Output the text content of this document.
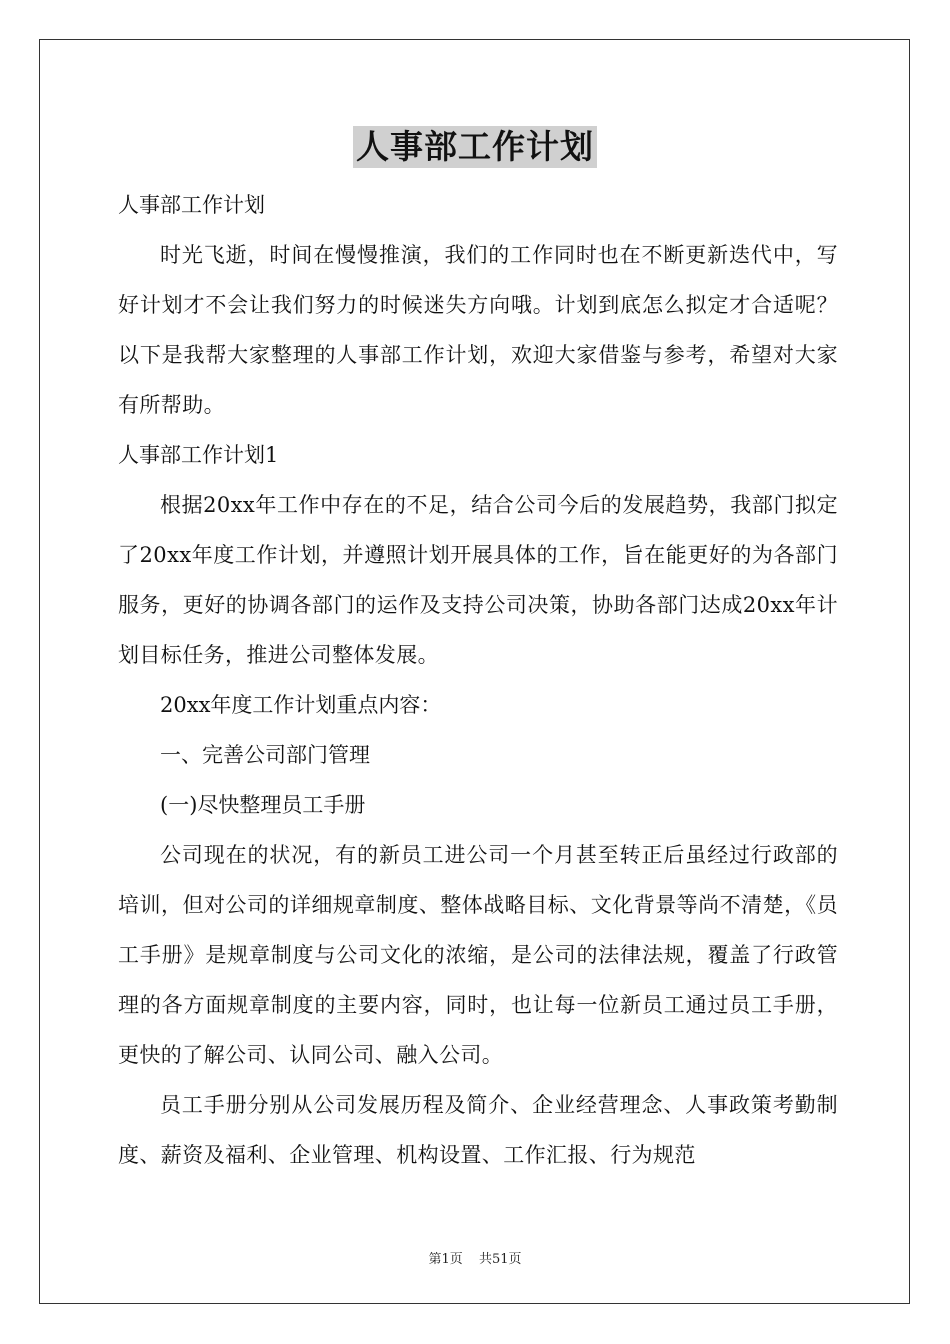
人事部工作计划
人事部工作计划
时光飞逝，时间在慢慢推演，我们的工作同时也在不断更新迭代中，写好计划才不会让我们努力的时候迷失方向哦。计划到底怎么拟定才合适呢？以下是我帮大家整理的人事部工作计划，欢迎大家借鉴与参考，希望对大家有所帮助。
人事部工作计划1
根据20xx年工作中存在的不足，结合公司今后的发展趋势，我部门拟定了20xx年度工作计划，并遵照计划开展具体的工作，旨在能更好的为各部门服务，更好的协调各部门的运作及支持公司决策，协助各部门达成20xx年计划目标任务，推进公司整体发展。
20xx年度工作计划重点内容：
一、完善公司部门管理
(一)尽快整理员工手册
公司现在的状况，有的新员工进公司一个月甚至转正后虽经过行政部的培训，但对公司的详细规章制度、整体战略目标、文化背景等尚不清楚，《员工手册》是规章制度与公司文化的浓缩，是公司的法律法规，覆盖了行政管理的各方面规章制度的主要内容，同时，也让每一位新员工通过员工手册，更快的了解公司、认同公司、融入公司。
员工手册分别从公司发展历程及简介、企业经营理念、人事政策考勤制度、薪资及福利、企业管理、机构设置、工作汇报、行为规范
第1页 共51页
